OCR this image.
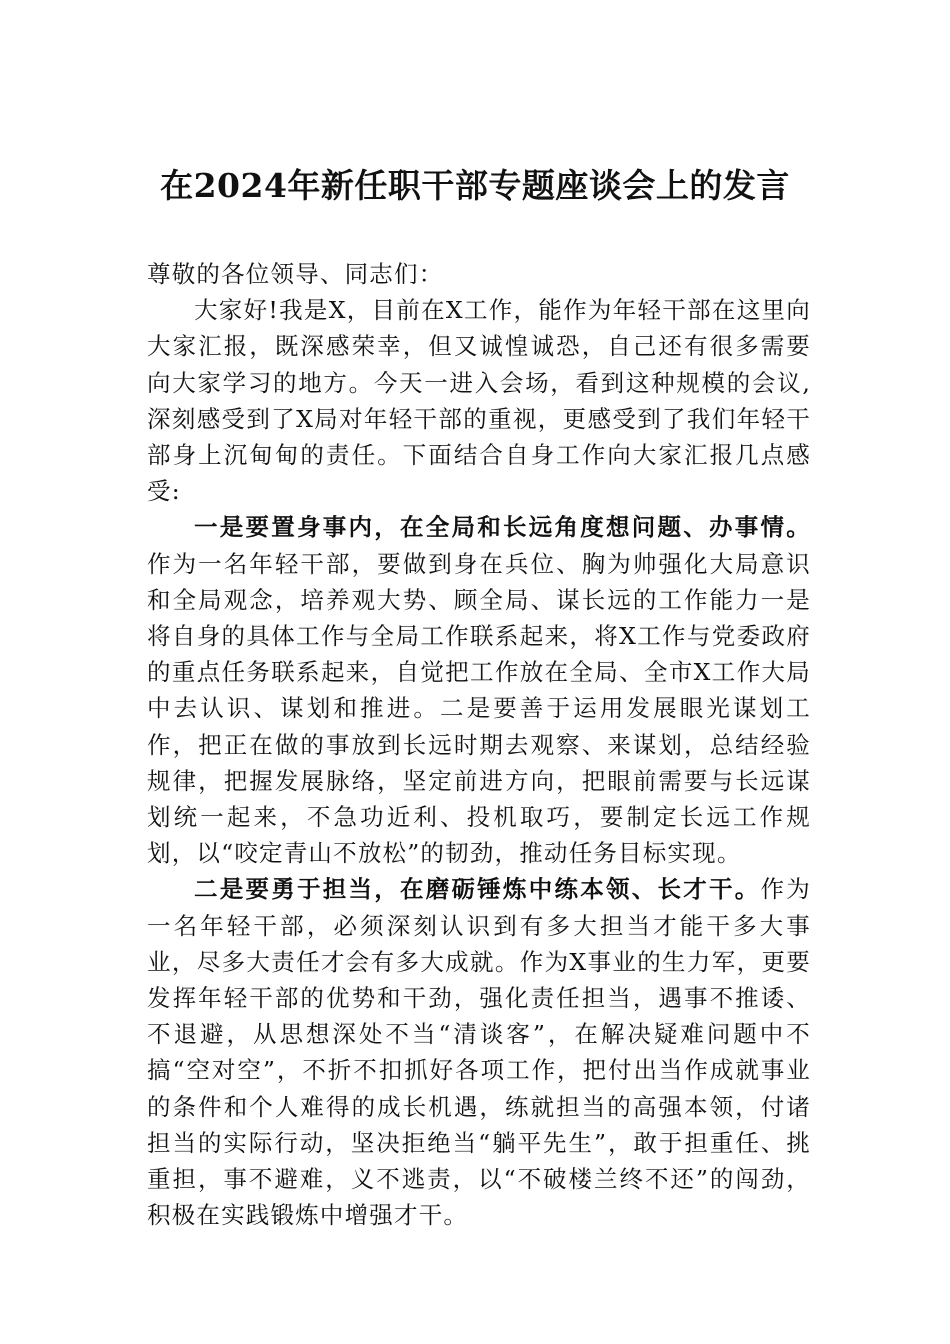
在2024年新任职干部专题座谈会上的发言

尊敬的各位领导、同志们：

大家好!我是X，目前在X工作，能作为年轻干部在这里向大家汇报，既深感荣幸，但又诚惶诚恐，自己还有很多需要向大家学习的地方。今天一进入会场，看到这种规模的会议,深刻感受到了X局对年轻干部的重视，更感受到了我们年轻干部身上沉甸甸的责任。下面结合自身工作向大家汇报几点感受:

一是要置身事内，在全局和长远角度想问题、办事情。作为一名年轻干部，要做到身在兵位、胸为帅强化大局意识和全局观念，培养观大势、顾全局、谋长远的工作能力一是将自身的具体工作与全局工作联系起来，将X工作与党委政府的重点任务联系起来，自觉把工作放在全局、全市X工作大局中去认识、谋划和推进。二是要善于运用发展眼光谋划工作，把正在做的事放到长远时期去观察、来谋划，总结经验规律，把握发展脉络，坚定前进方向，把眼前需要与长远谋划统一起来，不急功近利、投机取巧，要制定长远工作规划，以“咬定青山不放松”的韧劲，推动任务目标实现。

二是要勇于担当，在磨砺锤炼中练本领、长才干。作为一名年轻干部，必须深刻认识到有多大担当才能干多大事业，尽多大责任才会有多大成就。作为X事业的生力军，更要发挥年轻干部的优势和干劲，强化责任担当，遇事不推诿、不退避，从思想深处不当“清谈客”，在解决疑难问题中不搞“空对空”，不折不扣抓好各项工作，把付出当作成就事业的条件和个人难得的成长机遇，练就担当的高强本领，付诸担当的实际行动，坚决拒绝当“躺平先生”，敢于担重任、挑重担，事不避难，义不逃责，以“不破楼兰终不还”的闯劲，积极在实践锻炼中增强才干。
